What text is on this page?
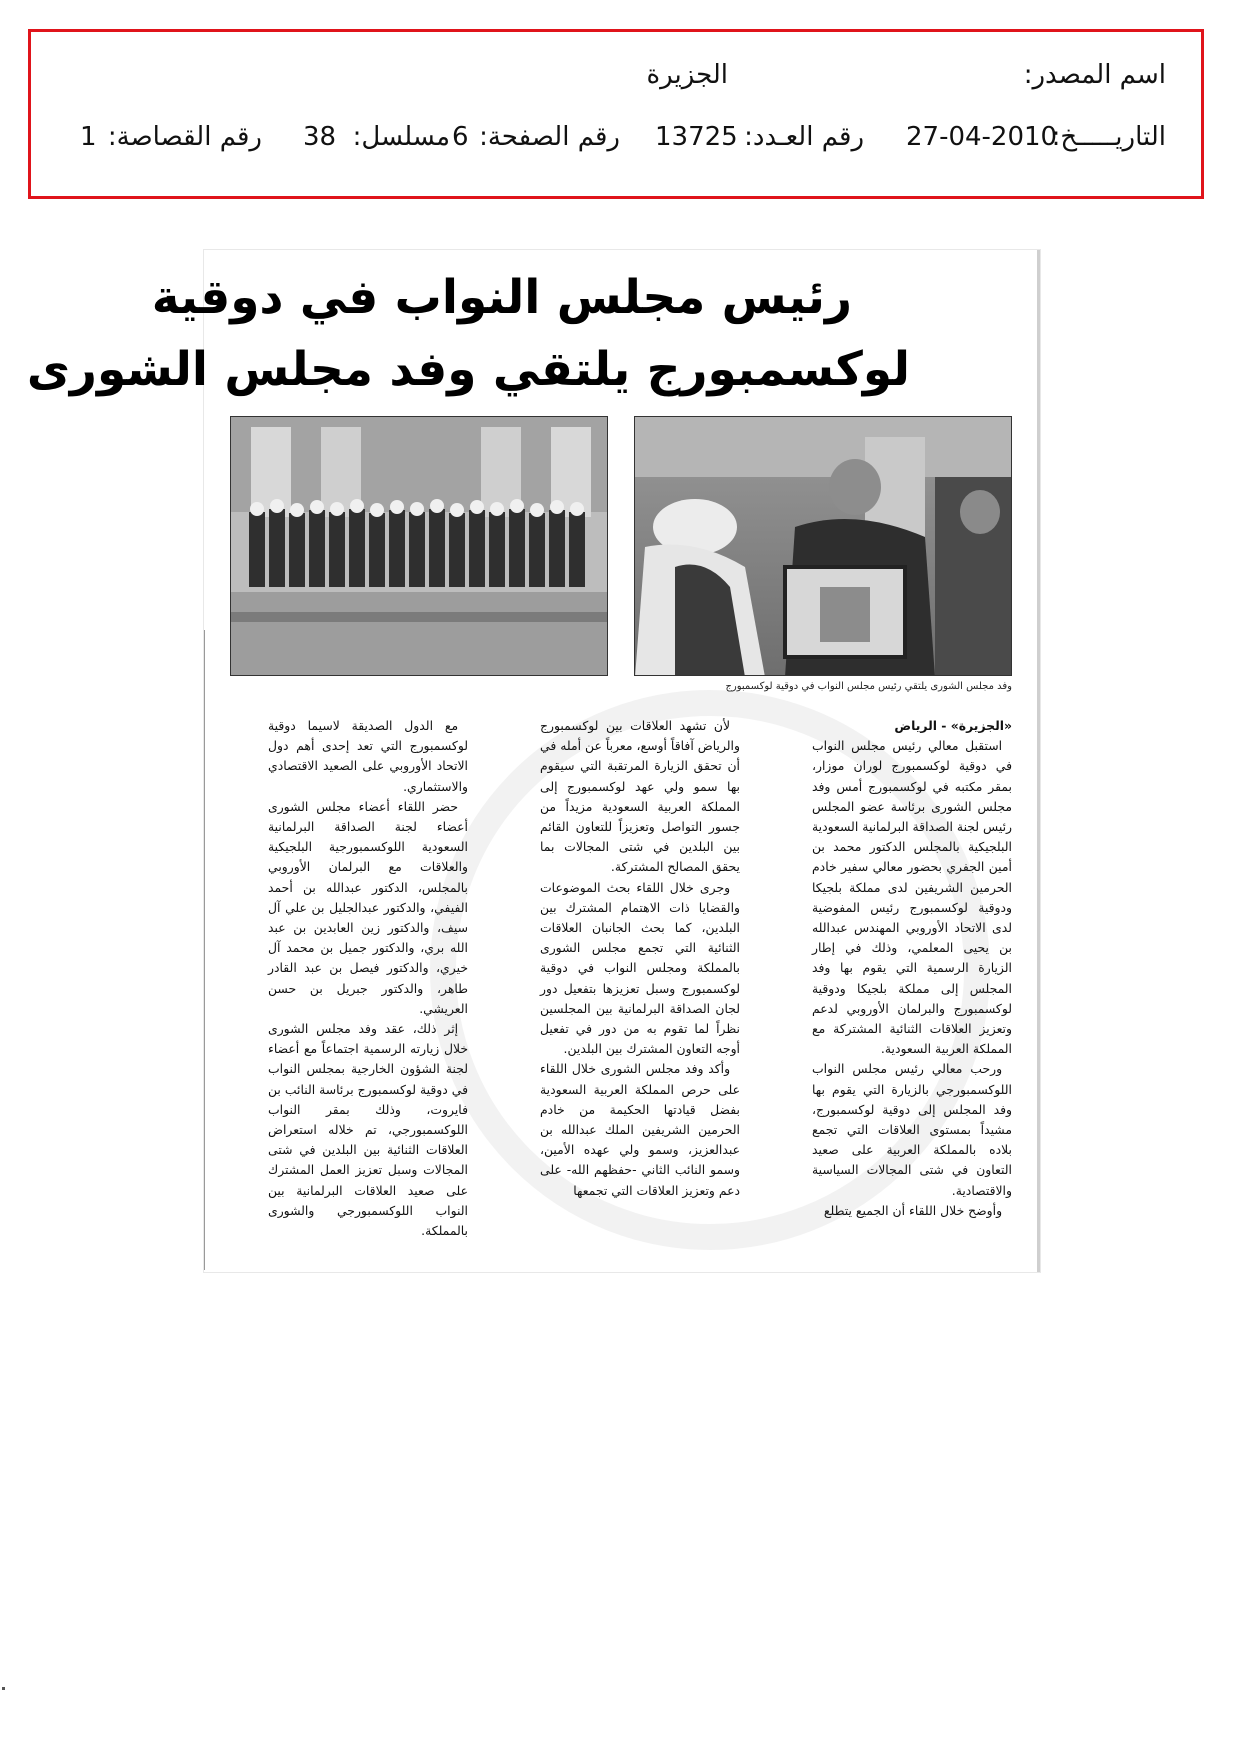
اسم المصدر:
الجزيرة
التاريـــــخ:
27-04-2010
رقم العـدد:
13725
رقم الصفحة:
6
مسلسل:
38
رقم القصاصة:
1
رئيس مجلس النواب في دوقية
لوكسمبورج يلتقي وفد مجلس الشورى
وفد مجلس الشورى يلتقي رئيس مجلس النواب في دوقية لوكسمبورج

«الجزيرة» - الرياض

استقبل معالي رئيس مجلس النواب في دوقية لوكسمبورج لوران موزار، بمقر مكتبه في لوكسمبورج أمس وفد مجلس الشورى برئاسة عضو المجلس رئيس لجنة الصداقة البرلمانية السعودية البلجيكية بالمجلس الدكتور محمد بن أمين الجفري بحضور معالي سفير خادم الحرمين الشريفين لدى مملكة بلجيكا ودوقية لوكسمبورج رئيس المفوضية لدى الاتحاد الأوروبي المهندس عبدالله بن يحيى المعلمي، وذلك في إطار الزيارة الرسمية التي يقوم بها وفد المجلس إلى مملكة بلجيكا ودوقية لوكسمبورج والبرلمان الأوروبي لدعم وتعزيز العلاقات الثنائية المشتركة مع المملكة العربية السعودية.

ورحب معالي رئيس مجلس النواب اللوكسمبورجي بالزيارة التي يقوم بها وفد المجلس إلى دوقية لوكسمبورج، مشيداً بمستوى العلاقات التي تجمع بلاده بالمملكة العربية على صعيد التعاون في شتى المجالات السياسية والاقتصادية.

وأوضح خلال اللقاء أن الجميع يتطلع

لأن تشهد العلاقات بين لوكسمبورج والرياض آفاقاً أوسع، معرباً عن أمله في أن تحقق الزيارة المرتقبة التي سيقوم بها سمو ولي عهد لوكسمبورج إلى المملكة العربية السعودية مزيداً من جسور التواصل وتعزيزاً للتعاون القائم بين البلدين في شتى المجالات بما يحقق المصالح المشتركة.

وجرى خلال اللقاء بحث الموضوعات والقضايا ذات الاهتمام المشترك بين البلدين، كما بحث الجانبان العلاقات الثنائية التي تجمع مجلس الشورى بالمملكة ومجلس النواب في دوقية لوكسمبورج وسبل تعزيزها بتفعيل دور لجان الصداقة البرلمانية بين المجلسين نظراً لما تقوم به من دور في تفعيل أوجه التعاون المشترك بين البلدين.

وأكد وفد مجلس الشورى خلال اللقاء على حرص المملكة العربية السعودية بفضل قيادتها الحكيمة من خادم الحرمين الشريفين الملك عبدالله بن عبدالعزيز، وسمو ولي عهده الأمين، وسمو النائب الثاني -حفظهم الله- على دعم وتعزيز العلاقات التي تجمعها

مع الدول الصديقة لاسيما دوقية لوكسمبورج التي تعد إحدى أهم دول الاتحاد الأوروبي على الصعيد الاقتصادي والاستثماري.

حضر اللقاء أعضاء مجلس الشورى أعضاء لجنة الصداقة البرلمانية السعودية اللوكسمبورجية البلجيكية والعلاقات مع البرلمان الأوروبي بالمجلس، الدكتور عبدالله بن أحمد الفيفي، والدكتور عبدالجليل بن علي آل سيف، والدكتور زين العابدين بن عبد الله بري، والدكتور جميل بن محمد آل خيري، والدكتور فيصل بن عبد القادر طاهر، والدكتور جبريل بن حسن العريشي.

إثر ذلك، عقد وفد مجلس الشورى خلال زيارته الرسمية اجتماعاً مع أعضاء لجنة الشؤون الخارجية بمجلس النواب في دوقية لوكسمبورج برئاسة النائب بن فايروت، وذلك بمقر النواب اللوكسمبورجي، تم خلاله استعراض العلاقات الثنائية بين البلدين في شتى المجالات وسبل تعزيز العمل المشترك على صعيد العلاقات البرلمانية بين النواب اللوكسمبورجي والشورى بالمملكة.
